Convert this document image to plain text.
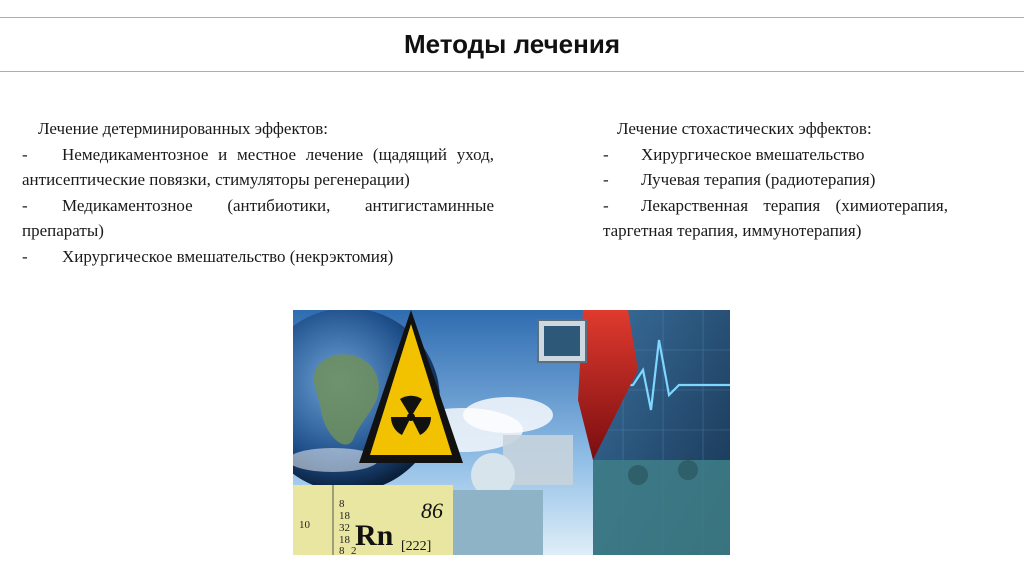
Методы лечения
Лечение детерминированных эффектов:
- Немедикаментозное и местное лечение (щадящий уход, антисептические повязки, стимуляторы регенерации)
- Медикаментозное (антибиотики, антигистаминные препараты)
- Хирургическое вмешательство (некрэктомия)
Лечение стохастических эффектов:
- Хирургическое вмешательство
- Лучевая терапия (радиотерапия)
- Лекарственная терапия (химиотерапия, таргетная терапия, иммунотерапия)
10
8
18
32
18
8 2
Rn [222]
86
